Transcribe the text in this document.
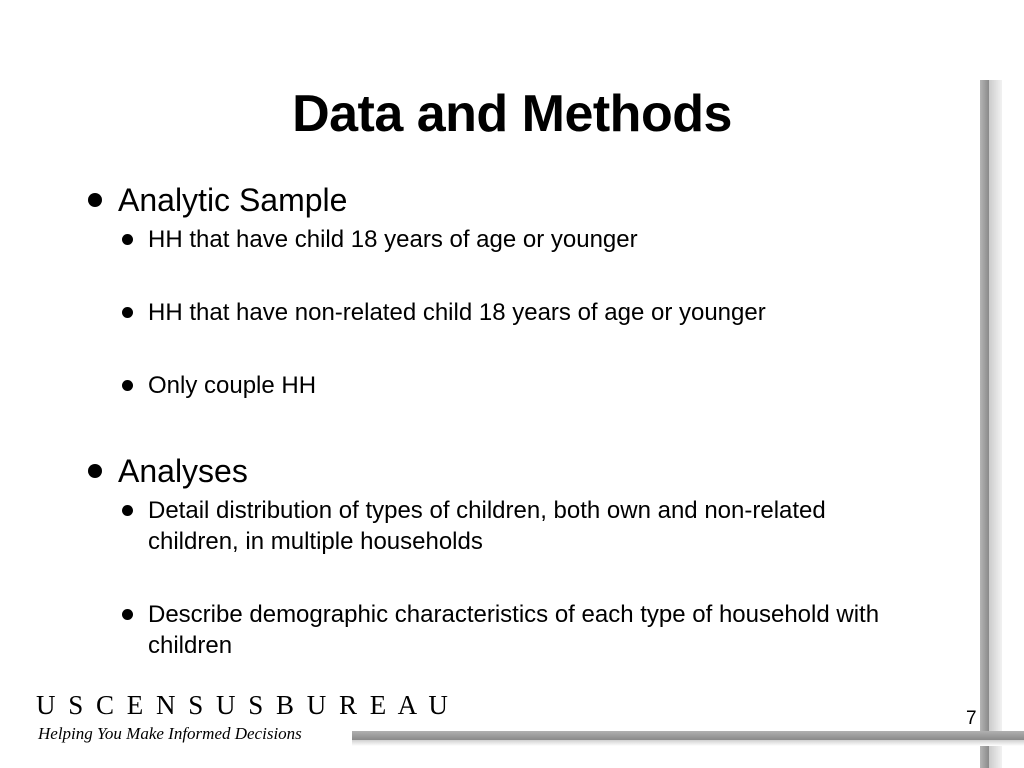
Data and Methods
Analytic Sample
HH that have child 18 years of age or younger
HH that have non-related child 18 years of age or younger
Only couple HH
Analyses
Detail distribution of types of children, both own and non-related children, in multiple households
Describe demographic characteristics of each type of household with children
U S C E N S U S B U R E A U
Helping You Make Informed Decisions
7
